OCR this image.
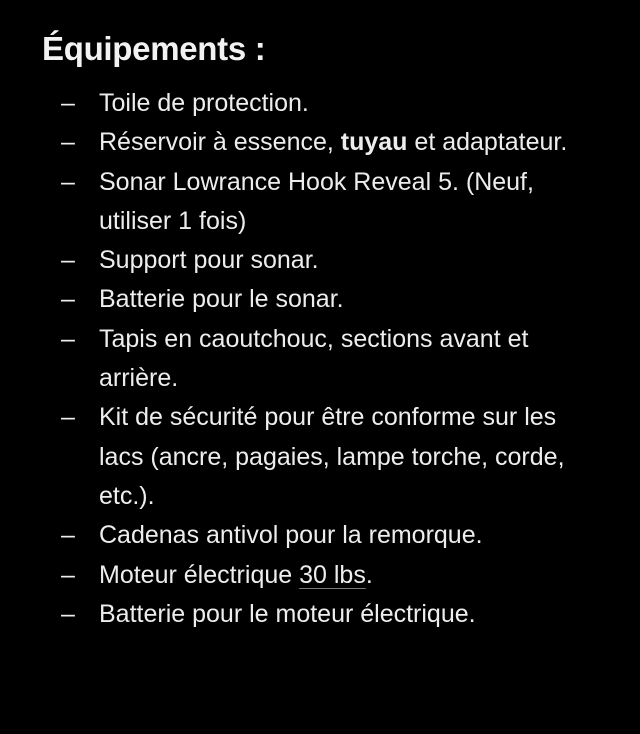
Équipements :
– Toile de protection.
– Réservoir à essence, tuyau et adaptateur.
– Sonar Lowrance Hook Reveal 5. (Neuf, utiliser 1 fois)
– Support pour sonar.
– Batterie pour le sonar.
– Tapis en caoutchouc, sections avant et arrière.
– Kit de sécurité pour être conforme sur les lacs (ancre, pagaies, lampe torche, corde, etc.).
– Cadenas antivol pour la remorque.
– Moteur électrique 30 lbs.
– Batterie pour le moteur électrique.
